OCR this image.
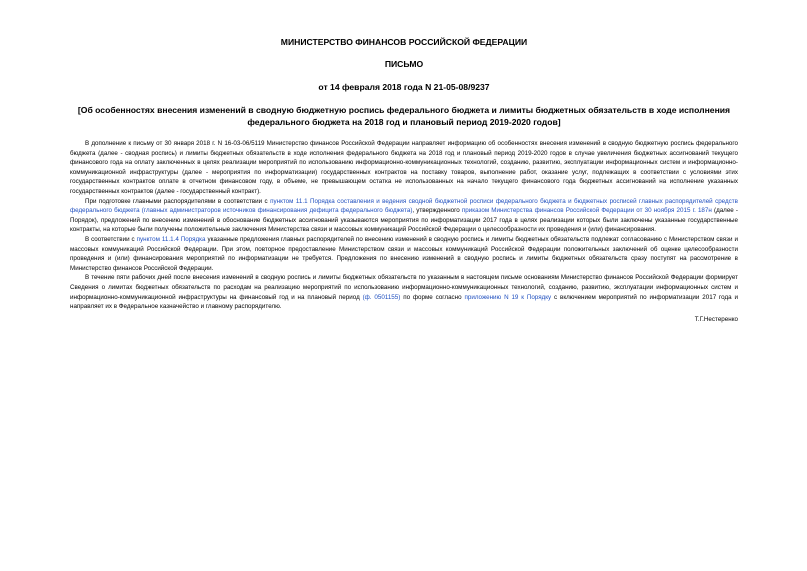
МИНИСТЕРСТВО ФИНАНСОВ РОССИЙСКОЙ ФЕДЕРАЦИИ

ПИСЬМО

от 14 февраля 2018 года N 21-05-08/9237

[Об особенностях внесения изменений в сводную бюджетную роспись федерального бюджета и лимиты бюджетных обязательств в ходе исполнения федерального бюджета на 2018 год и плановый период 2019-2020 годов]

В дополнение к письму от 30 января 2018 г. N 16-03-06/5119 Министерство финансов Российской Федерации направляет информацию об особенностях внесения изменений в сводную бюджетную роспись федерального бюджета (далее - сводная роспись) и лимиты бюджетных обязательств в ходе исполнения федерального бюджета на 2018 год и плановый период 2019-2020 годов в случае увеличения бюджетных ассигнований текущего финансового года на оплату заключенных в целях реализации мероприятий по использованию информационно-коммуникационных технологий, созданию, развитию, эксплуатации информационных систем и информационно-коммуникационной инфраструктуры (далее - мероприятия по информатизации) государственных контрактов на поставку товаров, выполнение работ, оказание услуг, подлежащих в соответствии с условиями этих государственных контрактов оплате в отчетном финансовом году, в объеме, не превышающем остатка не использованных на начало текущего финансового года бюджетных ассигнований на исполнение указанных государственных контрактов (далее - государственный контракт).

При подготовке главными распорядителями в соответствии с пунктом 11.1 Порядка составления и ведения сводной бюджетной росписи федерального бюджета и бюджетных росписей главных распорядителей средств федерального бюджета (главных администраторов источников финансирования дефицита федерального бюджета), утвержденного приказом Министерства финансов Российской Федерации от 30 ноября 2015 г. 187н (далее - Порядок), предложений по внесению изменений в обоснование бюджетных ассигнований указываются мероприятия по информатизации 2017 года в целях реализации которых были заключены указанные государственные контракты, на которые были получены положительные заключения Министерства связи и массовых коммуникаций Российской Федерации о целесообразности их проведения и (или) финансирования.

В соответствии с пунктом 11.1.4 Порядка указанные предложения главных распорядителей по внесению изменений в сводную роспись и лимиты бюджетных обязательств подлежат согласованию с Министерством связи и массовых коммуникаций Российской Федерации. При этом, повторное предоставление Министерством связи и массовых коммуникаций Российской Федерации положительных заключений об оценке целесообразности проведения и (или) финансирования мероприятий по информатизации не требуется. Предложения по внесению изменений в сводную роспись и лимиты бюджетных обязательств сразу поступят на рассмотрение в Министерство финансов Российской Федерации.

В течение пяти рабочих дней после внесения изменений в сводную роспись и лимиты бюджетных обязательств по указанным в настоящем письме основаниям Министерство финансов Российской Федерации формирует Сведения о лимитах бюджетных обязательств по расходам на реализацию мероприятий по использованию информационно-коммуникационных технологий, созданию, развитию, эксплуатации информационных систем и информационно-коммуникационной инфраструктуры на финансовый год и на плановый период (ф. 0501155) по форме согласно приложению N 19 к Порядку с включением мероприятий по информатизации 2017 года и направляет их в Федеральное казначейство и главному распорядителю.

Т.Г.Нестеренко
